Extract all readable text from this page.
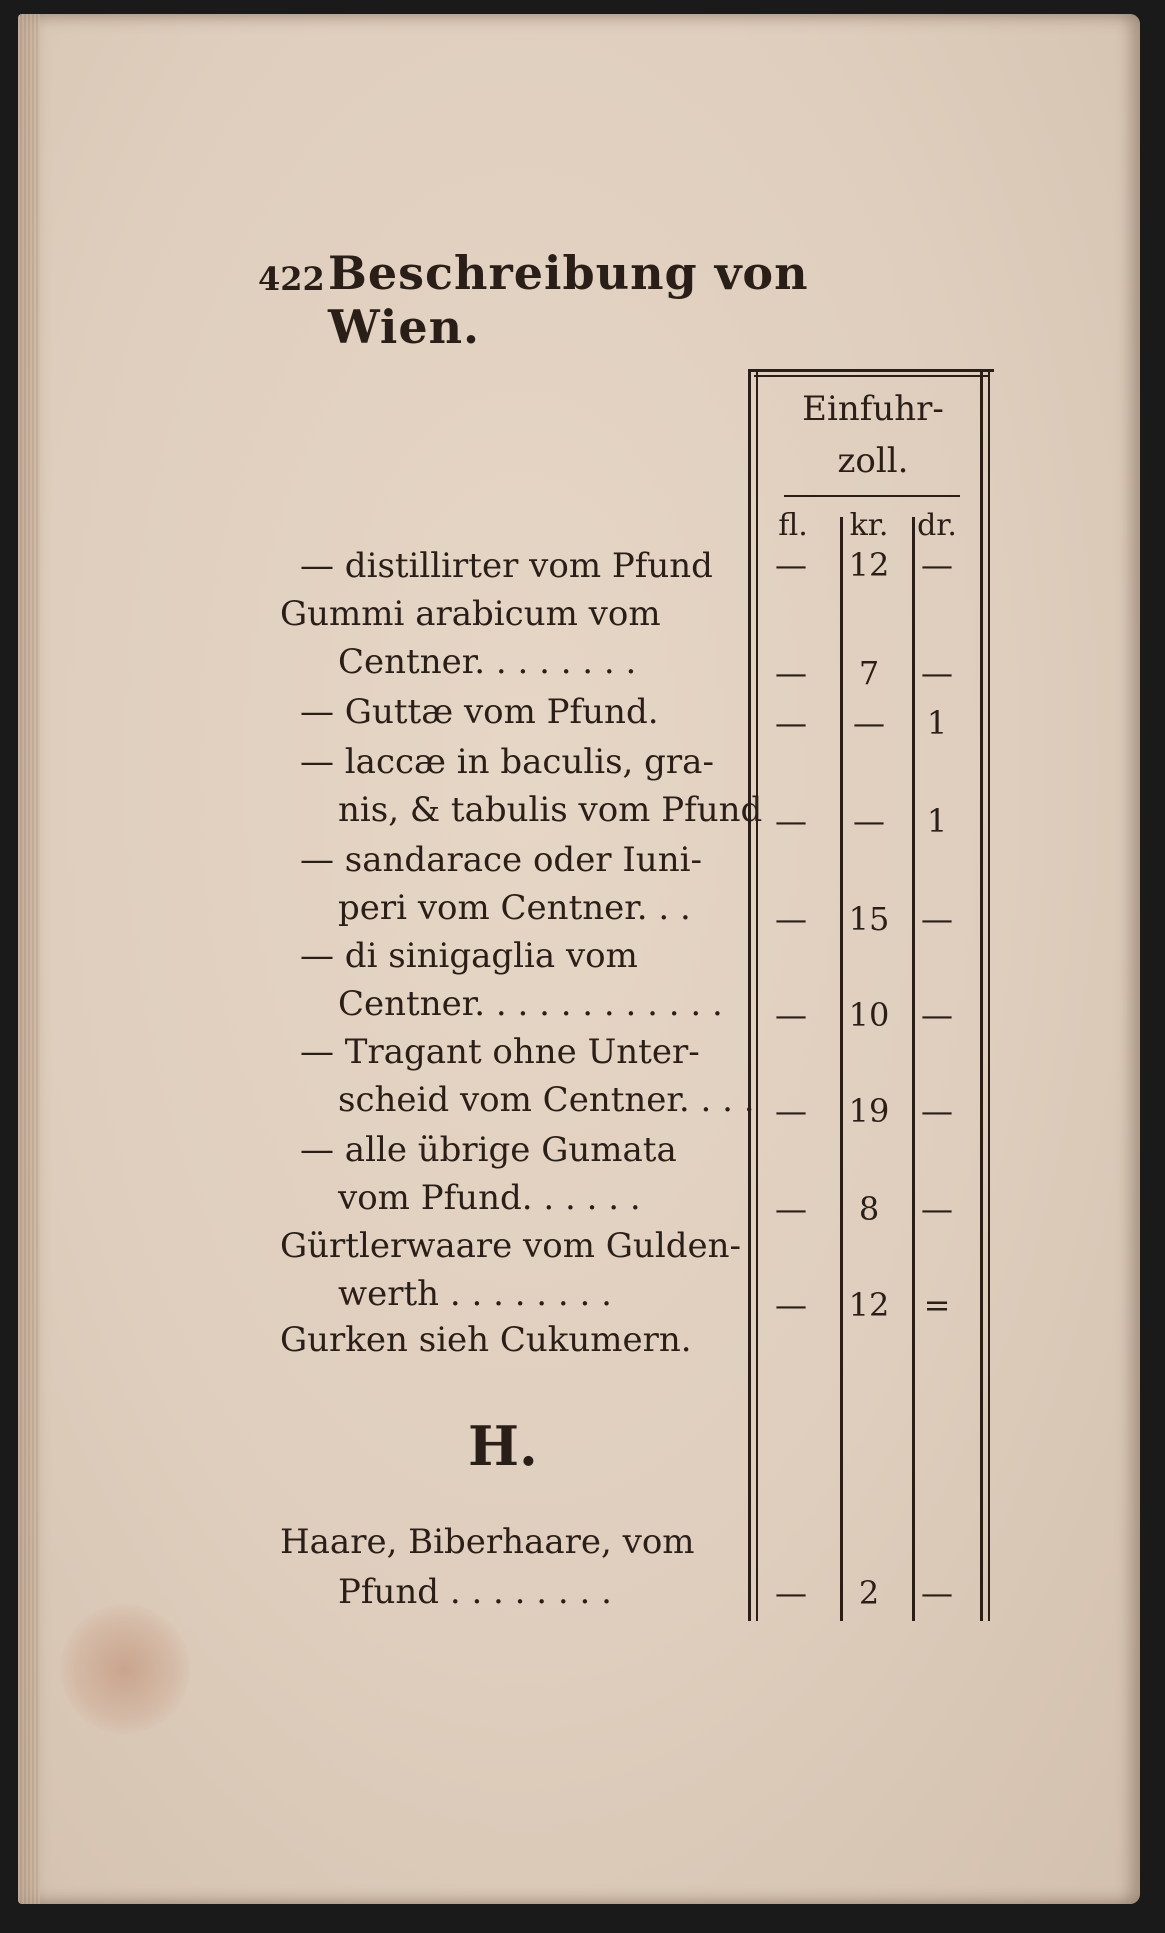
422 Beschreibung von Wien.
Einfuhr-
zoll.
fl.	kr. dr.
— distillirter vom Pfund	—	12 —
Gummi arabicum vom
Centner. . . . . . . .	—	7	—
— Guttæ vom Pfund.	—	—	1
— laccæ in baculis, gra-
nis, & tabulis vom Pfund —	—	1
— sandarace oder Iuni-
peri vom Centner. . .	—	15 —
— di sinigaglia vom
Centner. . . . . . . . . . . .	—	10 —
— Tragant ohne Unter-
scheid vom Centner. . . . —	19 —
— alle übrige Gumata
vom Pfund. . . . . .	—	8	—
Gürtlerwaare vom Gulden-
werth . . . . . . . .	—	12	=
Gurken sieh Cukumern.
H.
Haare, Biberhaare, vom
Pfund . . . . . . . .	—	2	—
